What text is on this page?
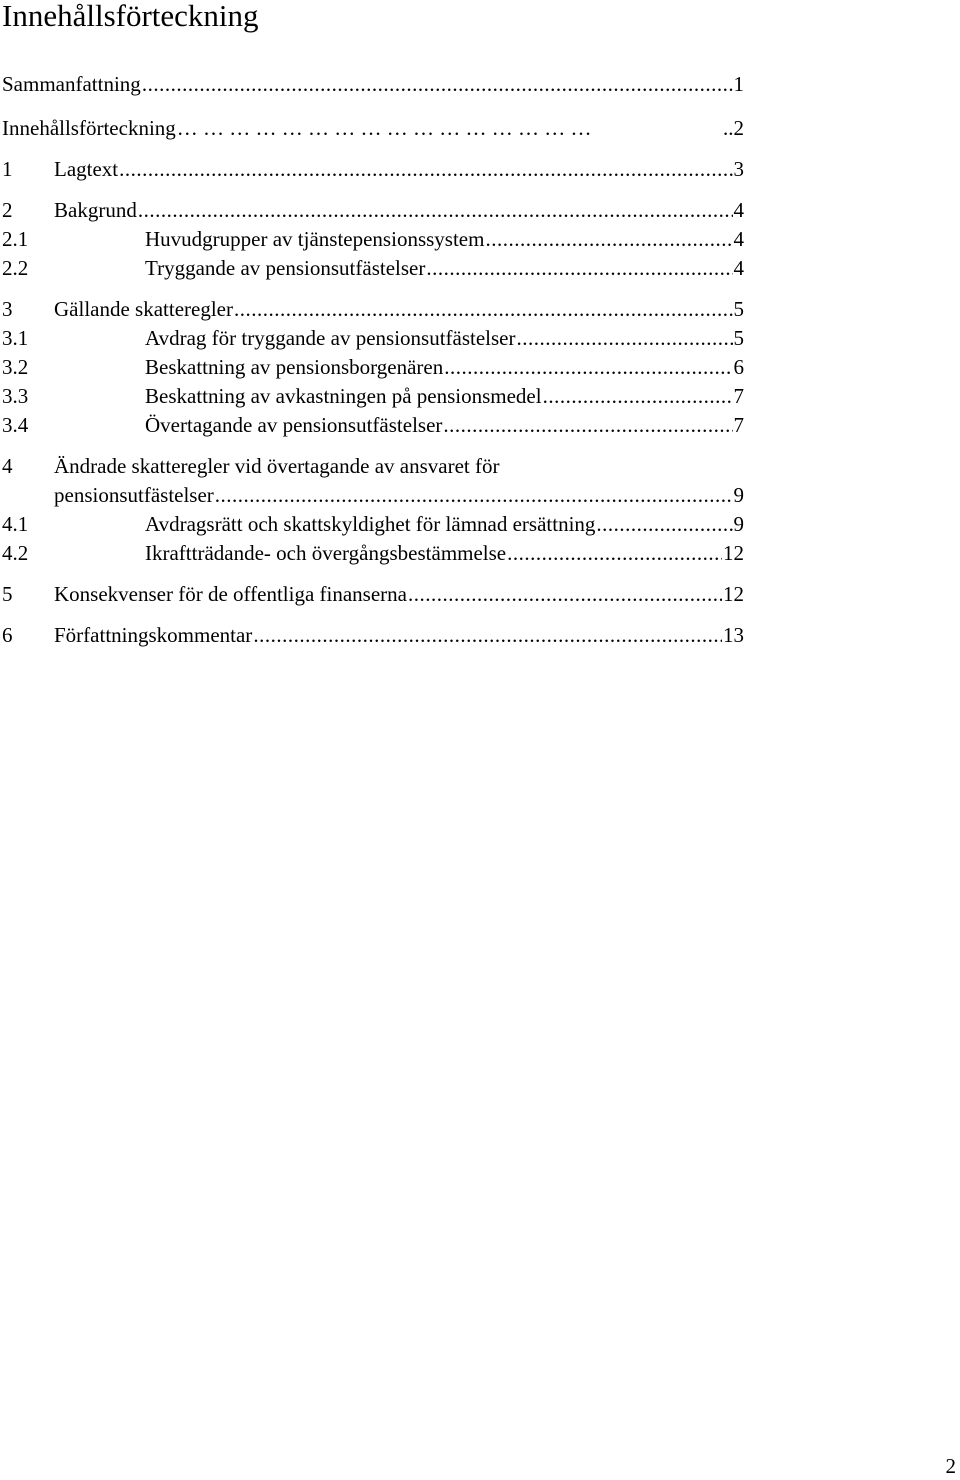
Innehållsförteckning
Sammanfattning .....	1
Innehållsförteckning … … … … … … … … … … … … … … … …	..2
1 Lagtext .....	3
2 Bakgrund .....	4
2.1	Huvudgrupper av tjänstepensionssystem .....	4
2.2	Tryggande av pensionsutfästelser .....	4
3 Gällande skatteregler .....	5
3.1	Avdrag för tryggande av pensionsutfästelser .....	5
3.2	Beskattning av pensionsborgenären .....	6
3.3	Beskattning av avkastningen på pensionsmedel .....	7
3.4	Övertagande av pensionsutfästelser .....	7
4 Ändrade skatteregler vid övertagande av ansvaret för
pensionsutfästelser .....	9
4.1	Avdragsrätt och skattskyldighet för lämnad ersättning .....	9
4.2	Ikraftträdande- och övergångsbestämmelse .....	12
5 Konsekvenser för de offentliga finanserna .....	12
6 Författningskommentar .....	13
2
